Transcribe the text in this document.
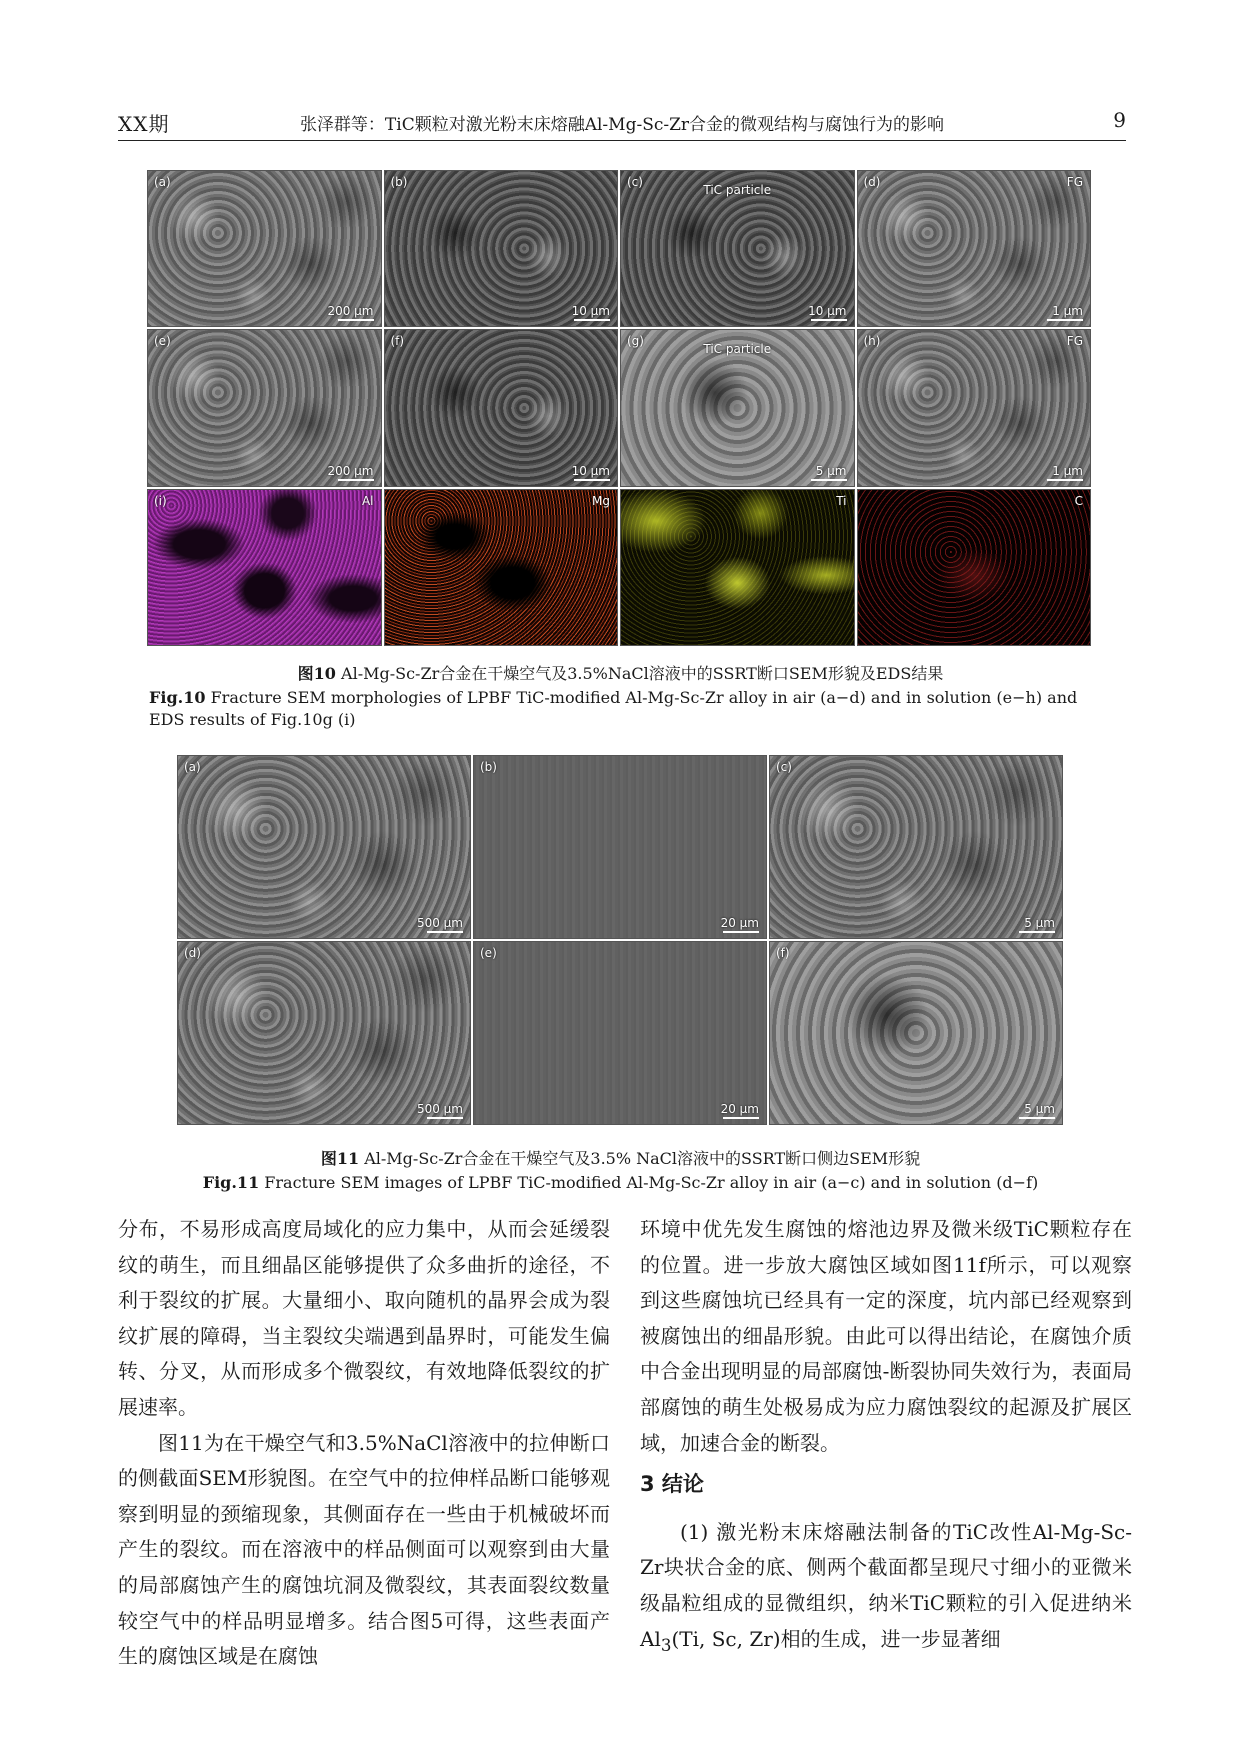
XX期	张泽群等：TiC颗粒对激光粉末床熔融Al-Mg-Sc-Zr合金的微观结构与腐蚀行为的影响	9
(a)
200 μm
(b)
10 μm
(c)
TiC particle
10 μm
(d)	FG
1 μm
(e)
200 μm
(f)
10 μm
(g)
TiC particle
5 μm
(h)	FG
1 μm
(i)	Al	Mg	Ti	C
图10 Al-Mg-Sc-Zr合金在干燥空气及3.5%NaCl溶液中的SSRT断口SEM形貌及EDS结果
Fig.10 Fracture SEM morphologies of LPBF TiC-modified Al-Mg-Sc-Zr alloy in air (a−d) and in solution (e−h) and EDS results of Fig.10g (i)
(a)
500 μm
(b)
20 μm
(c)
5 μm
(d)
500 μm
(e)
20 μm
(f)
5 μm
图11 Al-Mg-Sc-Zr合金在干燥空气及3.5% NaCl溶液中的SSRT断口侧边SEM形貌
Fig.11 Fracture SEM images of LPBF TiC-modified Al-Mg-Sc-Zr alloy in air (a−c) and in solution (d−f)

分布，不易形成高度局域化的应力集中，从而会延缓裂纹的萌生，而且细晶区能够提供了众多曲折的途径，不利于裂纹的扩展。大量细小、取向随机的晶界会成为裂纹扩展的障碍，当主裂纹尖端遇到晶界时，可能发生偏转、分叉，从而形成多个微裂纹，有效地降低裂纹的扩展速率。

图11为在干燥空气和3.5%NaCl溶液中的拉伸断口的侧截面SEM形貌图。在空气中的拉伸样品断口能够观察到明显的颈缩现象，其侧面存在一些由于机械破坏而产生的裂纹。而在溶液中的样品侧面可以观察到由大量的局部腐蚀产生的腐蚀坑洞及微裂纹，其表面裂纹数量较空气中的样品明显增多。结合图5可得，这些表面产生的腐蚀区域是在腐蚀

环境中优先发生腐蚀的熔池边界及微米级TiC颗粒存在的位置。进一步放大腐蚀区域如图11f所示，可以观察到这些腐蚀坑已经具有一定的深度，坑内部已经观察到被腐蚀出的细晶形貌。由此可以得出结论，在腐蚀介质中合金出现明显的局部腐蚀-断裂协同失效行为，表面局部腐蚀的萌生处极易成为应力腐蚀裂纹的起源及扩展区域，加速合金的断裂。

3 结论

(1) 激光粉末床熔融法制备的TiC改性Al-Mg-Sc-Zr块状合金的底、侧两个截面都呈现尺寸细小的亚微米级晶粒组成的显微组织，纳米TiC颗粒的引入促进纳米$Al_3(Ti$, Sc, Zr)相的生成，进一步显著细
